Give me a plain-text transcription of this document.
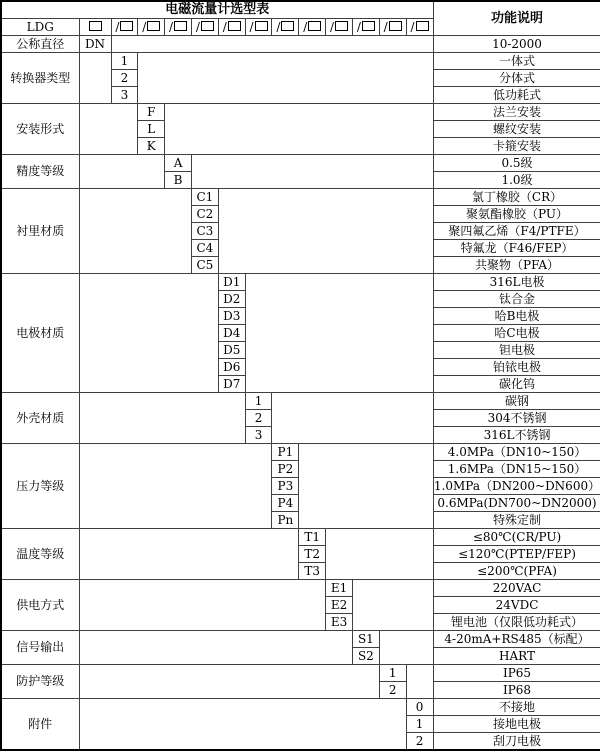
电磁流量计选型表														功能说明	
LDG		/	/	/	/	/	/	/	/	/	/	/	/	
公称直径	DN													10-2000	
转换器类型		1												一体式	
		2												分体式	
		3												低功耗式	
安装形式			F											法兰安装	
			L											螺纹安装	
			K											卡箍安装	
精度等级				A										0.5级	
				B										1.0级	
衬里材质					C1									氯丁橡胶（CR）	
					C2									聚氨酯橡胶（PU）	
					C3									聚四氟乙烯（F4/PTFE）	
					C4									特氟龙（F46/FEP）	
					C5									共聚物（PFA）	
电极材质						D1								316L电极	
						D2								钛合金	
						D3								哈B电极	
						D4								哈C电极	
						D5								钽电极	
						D6								铂铱电极	
						D7								碳化钨	
外壳材质							1							碳钢	
							2							304不锈钢	
							3							316L不锈钢	
压力等级								P1						4.0MPa（DN10~150）	
								P2						1.6MPa（DN15~150）	
								P3						1.0MPa（DN200~DN600）	
								P4						0.6MPa(DN700~DN2000)	
								Pn						特殊定制	
温度等级									T1					≤80℃(CR/PU)	
									T2					≤120℃(PTEP/FEP)	
									T3					≤200℃(PFA)	
供电方式										E1				220VAC	
										E2				24VDC	
										E3				锂电池（仅限低功耗式）	
信号输出											S1			4-20mA+RS485（标配）	
											S2			HART	
防护等级												1		IP65	
												2		IP68	
附件													0	不接地	
													1	接地电极	
													2	刮刀电极	
